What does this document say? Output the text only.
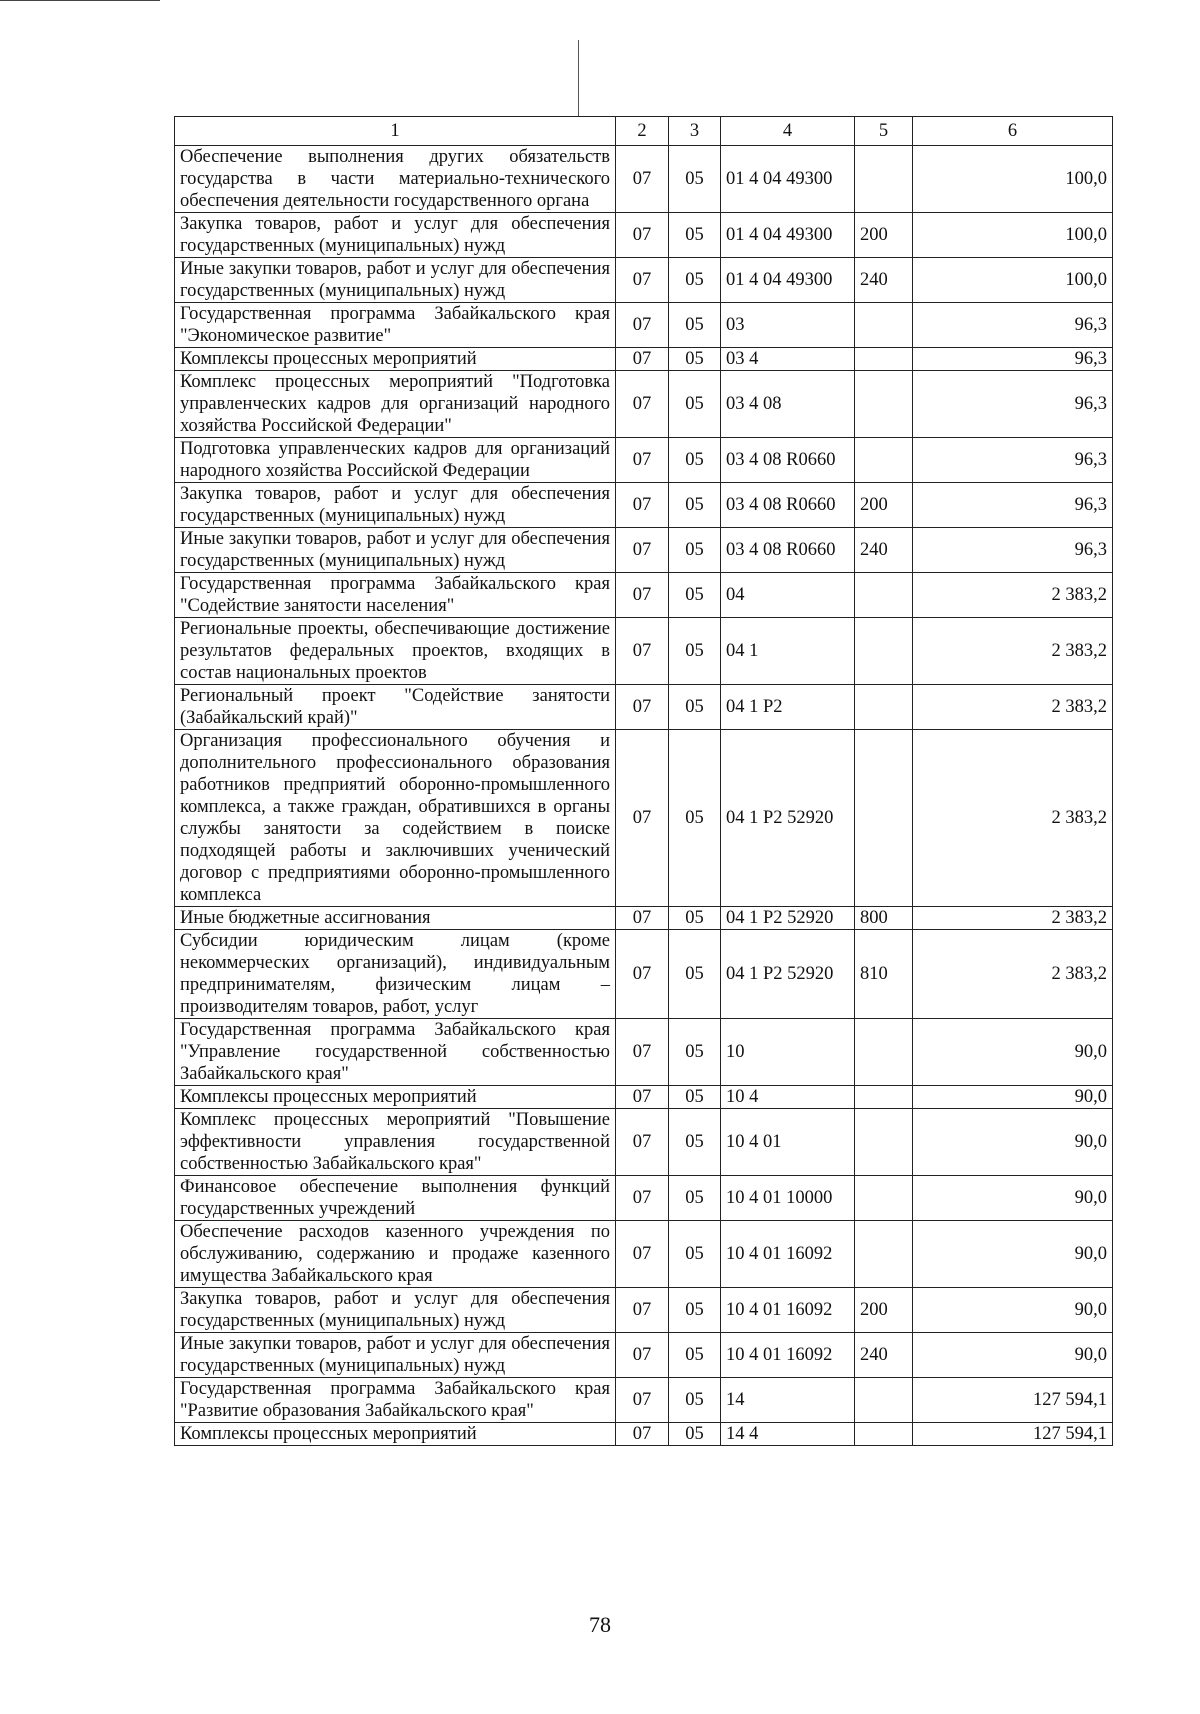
1	2	3	4	5	6
Обеспечение выполнения других обязательств государства в части материально-технического обеспечения деятельности государственного органа	07	05	01 4 04 49300		100,0
Закупка товаров, работ и услуг для обеспечения государственных (муниципальных) нужд	07	05	01 4 04 49300	200	100,0
Иные закупки товаров, работ и услуг для обеспечения государственных (муниципальных) нужд	07	05	01 4 04 49300	240	100,0
Государственная программа Забайкальского края "Экономическое развитие"	07	05	03		96,3
Комплексы процессных мероприятий	07	05	03 4		96,3
Комплекс процессных мероприятий "Подготовка управленческих кадров для организаций народного хозяйства Российской Федерации"	07	05	03 4 08		96,3
Подготовка управленческих кадров для организаций народного хозяйства Российской Федерации	07	05	03 4 08 R0660		96,3
Закупка товаров, работ и услуг для обеспечения государственных (муниципальных) нужд	07	05	03 4 08 R0660	200	96,3
Иные закупки товаров, работ и услуг для обеспечения государственных (муниципальных) нужд	07	05	03 4 08 R0660	240	96,3
Государственная программа Забайкальского края "Содействие занятости населения"	07	05	04		2 383,2
Региональные проекты, обеспечивающие достижение результатов федеральных проектов, входящих в состав национальных проектов	07	05	04 1		2 383,2
Региональный проект "Содействие занятости (Забайкальский край)"	07	05	04 1 P2		2 383,2
Организация профессионального обучения и дополнительного профессионального образования работников предприятий оборонно-промышленного комплекса, а также граждан, обратившихся в органы службы занятости за содействием в поиске подходящей работы и заключивших ученический договор с предприятиями оборонно-промышленного комплекса	07	05	04 1 P2 52920		2 383,2
Иные бюджетные ассигнования	07	05	04 1 P2 52920	800	2 383,2
Субсидии юридическим лицам (кроме некоммерческих организаций), индивидуальным предпринимателям, физическим лицам – производителям товаров, работ, услуг	07	05	04 1 P2 52920	810	2 383,2
Государственная программа Забайкальского края "Управление государственной собственностью Забайкальского края"	07	05	10		90,0
Комплексы процессных мероприятий	07	05	10 4		90,0
Комплекс процессных мероприятий "Повышение эффективности управления государственной собственностью Забайкальского края"	07	05	10 4 01		90,0
Финансовое обеспечение выполнения функций государственных учреждений	07	05	10 4 01 10000		90,0
Обеспечение расходов казенного учреждения по обслуживанию, содержанию и продаже казенного имущества Забайкальского края	07	05	10 4 01 16092		90,0
Закупка товаров, работ и услуг для обеспечения государственных (муниципальных) нужд	07	05	10 4 01 16092	200	90,0
Иные закупки товаров, работ и услуг для обеспечения государственных (муниципальных) нужд	07	05	10 4 01 16092	240	90,0
Государственная программа Забайкальского края "Развитие образования Забайкальского края"	07	05	14		127 594,1
Комплексы процессных мероприятий	07	05	14 4		127 594,1
78
